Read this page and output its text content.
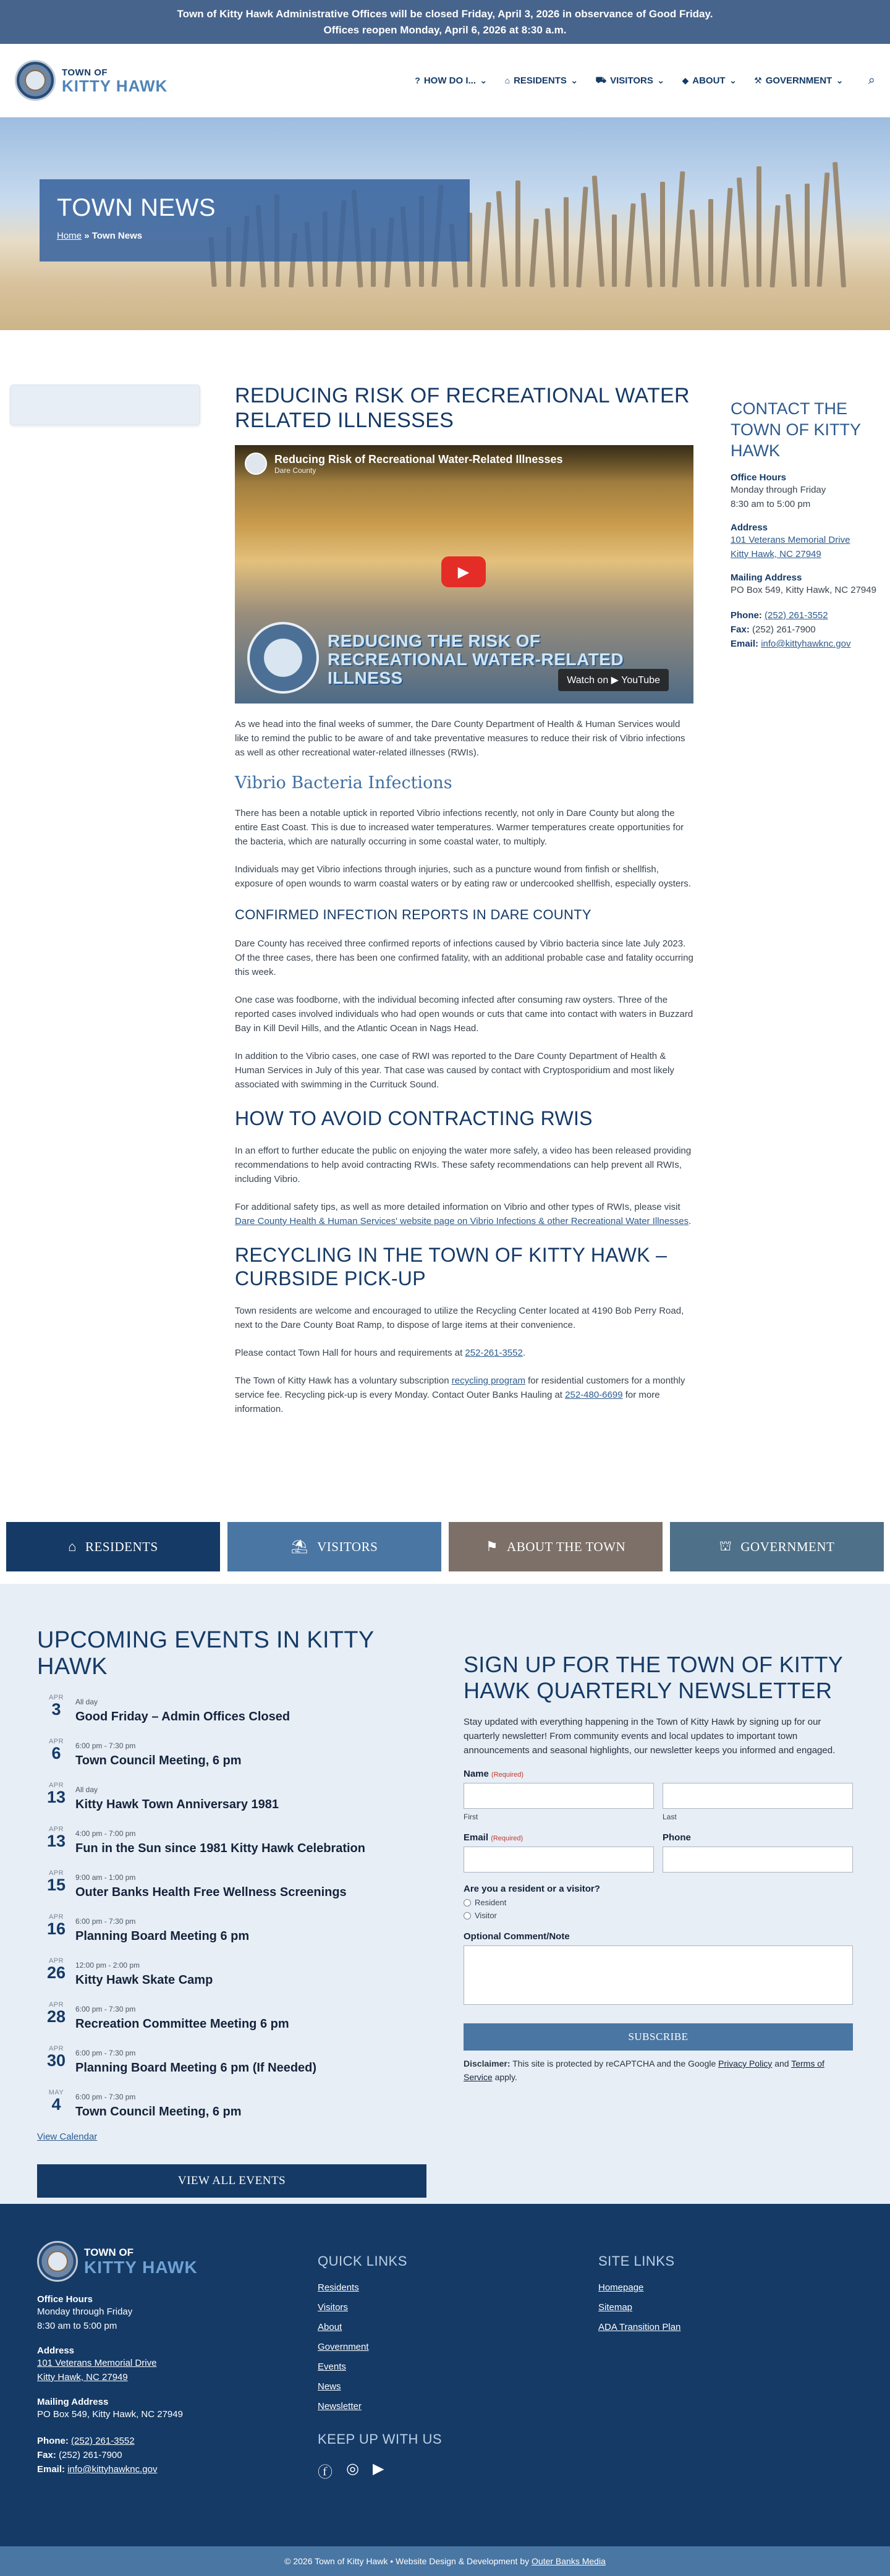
Town of Kitty Hawk Administrative Offices will be closed Friday, April 3, 2026 in observance of Good Friday.
Offices reopen Monday, April 6, 2026 at 8:30 a.m.
TOWN OF
KITTY HAWK	? HOW DO I... ⌄ ⌂ RESIDENTS ⌄ ⛟ VISITORS ⌄ ◆ ABOUT ⌄ ⚒ GOVERNMENT ⌄ ⌕
TOWN NEWS
Home » Town News
REDUCING RISK OF RECREATIONAL WATER RELATED ILLNESSES
Reducing Risk of Recreational Water-Related Illnesses
Dare County
▶
REDUCING THE RISK OF RECREATIONAL WATER-RELATED ILLNESS	Watch on ▶ YouTube

As we head into the final weeks of summer, the Dare County Department of Health & Human Services would like to remind the public to be aware of and take preventative measures to reduce their risk of Vibrio infections as well as other recreational water-related illnesses (RWIs).

Vibrio Bacteria Infections

There has been a notable uptick in reported Vibrio infections recently, not only in Dare County but along the entire East Coast. This is due to increased water temperatures. Warmer temperatures create opportunities for the bacteria, which are naturally occurring in some coastal water, to multiply.

Individuals may get Vibrio infections through injuries, such as a puncture wound from finfish or shellfish, exposure of open wounds to warm coastal waters or by eating raw or undercooked shellfish, especially oysters.

CONFIRMED INFECTION REPORTS IN DARE COUNTY

Dare County has received three confirmed reports of infections caused by Vibrio bacteria since late July 2023. Of the three cases, there has been one confirmed fatality, with an additional probable case and fatality occurring this week.

One case was foodborne, with the individual becoming infected after consuming raw oysters. Three of the reported cases involved individuals who had open wounds or cuts that came into contact with waters in Buzzard Bay in Kill Devil Hills, and the Atlantic Ocean in Nags Head.

In addition to the Vibrio cases, one case of RWI was reported to the Dare County Department of Health & Human Services in July of this year. That case was caused by contact with Cryptosporidium and most likely associated with swimming in the Currituck Sound.

HOW TO AVOID CONTRACTING RWIS

In an effort to further educate the public on enjoying the water more safely, a video has been released providing recommendations to help avoid contracting RWIs. These safety recommendations can help prevent all RWIs, including Vibrio.

For additional safety tips, as well as more detailed information on Vibrio and other types of RWIs, please visit Dare County Health & Human Services' website page on Vibrio Infections & other Recreational Water Illnesses.

RECYCLING IN THE TOWN OF KITTY HAWK – CURBSIDE PICK-UP

Town residents are welcome and encouraged to utilize the Recycling Center located at 4190 Bob Perry Road, next to the Dare County Boat Ramp, to dispose of large items at their convenience.

Please contact Town Hall for hours and requirements at 252-261-3552.

The Town of Kitty Hawk has a voluntary subscription recycling program for residential customers for a monthly service fee. Recycling pick-up is every Monday. Contact Outer Banks Hauling at 252-480-6699 for more information.

CONTACT THE TOWN OF KITTY HAWK
Office Hours
Monday through Friday
8:30 am to 5:00 pm
Address
101 Veterans Memorial Drive
Kitty Hawk, NC 27949
Mailing Address
PO Box 549, Kitty Hawk, NC 27949
Phone: (252) 261-3552
Fax: (252) 261-7900
Email: info@kittyhawknc.gov
⌂ RESIDENTS	⛱ VISITORS	⚑ ABOUT THE TOWN	⛫ GOVERNMENT
UPCOMING EVENTS IN KITTY HAWK
APR
3	All day
Good Friday – Admin Offices Closed
APR
6	6:00 pm - 7:30 pm
Town Council Meeting, 6 pm
APR
13	All day
Kitty Hawk Town Anniversary 1981
APR
13	4:00 pm - 7:00 pm
Fun in the Sun since 1981 Kitty Hawk Celebration
APR
15	9:00 am - 1:00 pm
Outer Banks Health Free Wellness Screenings
APR
16	6:00 pm - 7:30 pm
Planning Board Meeting 6 pm
APR
26	12:00 pm - 2:00 pm
Kitty Hawk Skate Camp
APR
28	6:00 pm - 7:30 pm
Recreation Committee Meeting 6 pm
APR
30	6:00 pm - 7:30 pm
Planning Board Meeting 6 pm (If Needed)
MAY
4	6:00 pm - 7:30 pm
Town Council Meeting, 6 pm
View Calendar
VIEW ALL EVENTS
SIGN UP FOR THE TOWN OF KITTY HAWK QUARTERLY NEWSLETTER

Stay updated with everything happening in the Town of Kitty Hawk by signing up for our quarterly newsletter! From community events and local updates to important town announcements and seasonal highlights, our newsletter keeps you informed and engaged.

Name (Required)
First	Last
Email (Required)	Phone
Are you a resident or a visitor?
Resident
Visitor
Optional Comment/Note
SUBSCRIBE
Disclaimer: This site is protected by reCAPTCHA and the Google Privacy Policy and Terms of Service apply.
TOWN OF
KITTY HAWK
Office Hours
Monday through Friday
8:30 am to 5:00 pm
Address
101 Veterans Memorial Drive
Kitty Hawk, NC 27949
Mailing Address
PO Box 549, Kitty Hawk, NC 27949
Phone: (252) 261-3552
Fax: (252) 261-7900
Email: info@kittyhawknc.gov
QUICK LINKS
Residents
Visitors
About
Government
Events
News
Newsletter
KEEP UP WITH US
ⓕ ◎ ▶
SITE LINKS
Homepage
Sitemap
ADA Transition Plan
© 2026 Town of Kitty Hawk • Website Design & Development by
Outer Banks Media
